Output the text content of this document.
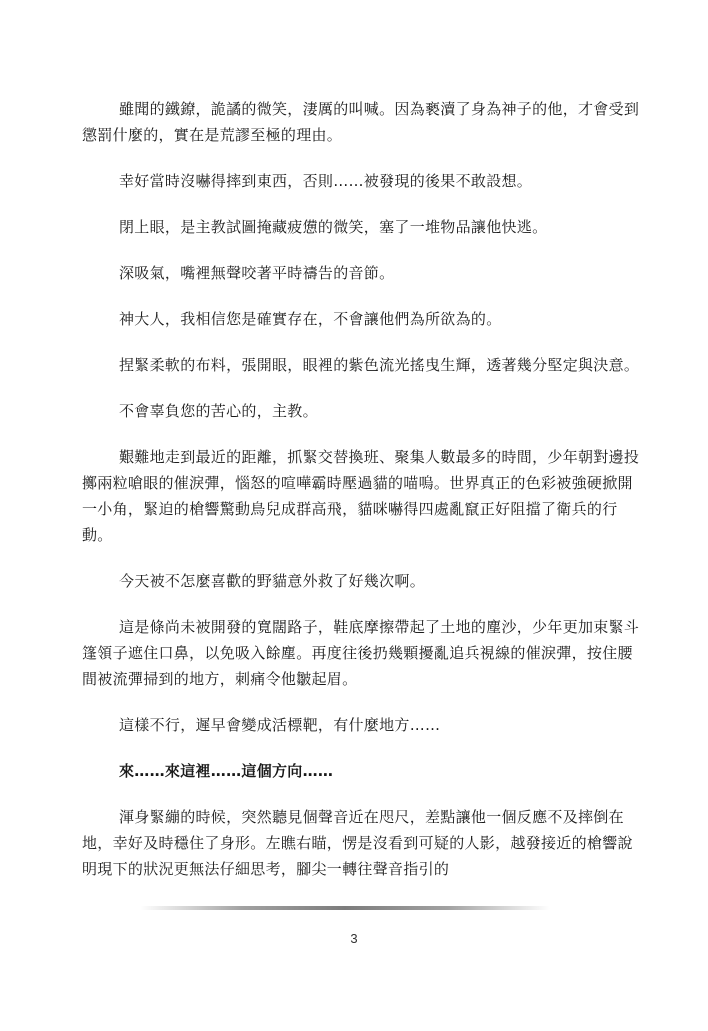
雖聞的鐵鐐，詭譎的微笑，淒厲的叫喊。因為褻瀆了身為神子的他，才會受到懲罰什麼的，實在是荒謬至極的理由。

幸好當時沒嚇得摔到東西，否則……被發現的後果不敢設想。

閉上眼，是主教試圖掩藏疲憊的微笑，塞了一堆物品讓他快逃。

深吸氣，嘴裡無聲咬著平時禱告的音節。

神大人，我相信您是確實存在，不會讓他們為所欲為的。

捏緊柔軟的布料，張開眼，眼裡的紫色流光搖曳生輝，透著幾分堅定與決意。

不會辜負您的苦心的，主教。

艱難地走到最近的距離，抓緊交替換班、聚集人數最多的時間，少年朝對邊投擲兩粒嗆眼的催淚彈，惱怒的喧嘩霸時壓過貓的喵嗚。世界真正的色彩被強硬掀開一小角，緊迫的槍響驚動鳥兒成群高飛，貓咪嚇得四處亂竄正好阻擋了衛兵的行動。

今天被不怎麼喜歡的野貓意外救了好幾次啊。

這是條尚未被開發的寬闊路子，鞋底摩擦帶起了土地的塵沙，少年更加束緊斗篷領子遮住口鼻，以免吸入餘塵。再度往後扔幾顆擾亂追兵視線的催淚彈，按住腰間被流彈掃到的地方，刺痛令他皺起眉。

這樣不行，遲早會變成活標靶，有什麼地方……

來……來這裡……這個方向……

渾身緊繃的時候，突然聽見個聲音近在咫尺，差點讓他一個反應不及摔倒在地，幸好及時穩住了身形。左瞧右瞄，愣是沒看到可疑的人影，越發接近的槍響說明現下的狀況更無法仔細思考，腳尖一轉往聲音指引的

3
